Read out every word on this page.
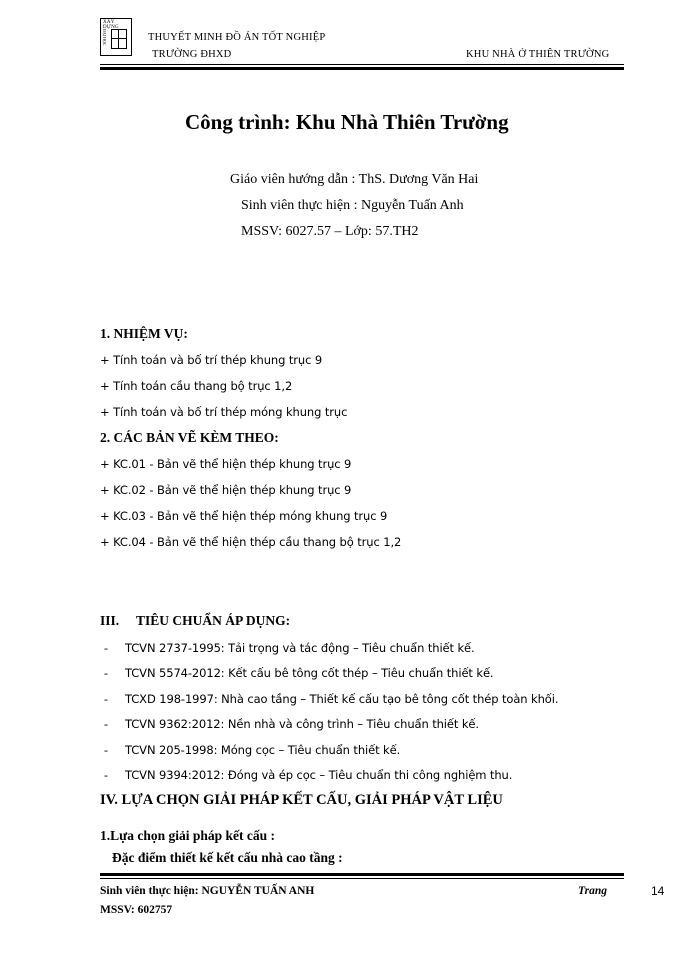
XÂY DỰNG
ĐẠI HỌC	THUYẾT MINH ĐỒ ÁN TỐT NGHIỆP
TRƯỜNG ĐHXD	KHU NHÀ Ở THIÊN TRƯỜNG
Công trình: Khu Nhà Thiên Trường
Giáo viên hướng dẫn : ThS. Dương Văn Hai
Sinh viên thực hiện : Nguyễn Tuấn Anh
MSSV: 6027.57 – Lớp: 57.TH2
1. NHIỆM VỤ:
+ Tính toán và bố trí thép khung trục 9
+ Tính toán cầu thang bộ trục 1,2
+ Tính toán và bố trí thép móng khung trục
2. CÁC BẢN VẼ KÈM THEO:
+ KC.01 - Bản vẽ thể hiện thép khung trục 9
+ KC.02 - Bản vẽ thể hiện thép khung trục 9
+ KC.03 - Bản vẽ thể hiện thép móng khung trục 9
+ KC.04 - Bản vẽ thể hiện thép cầu thang bộ trục 1,2
III. TIÊU CHUẨN ÁP DỤNG:
- TCVN 2737-1995: Tải trọng và tác động – Tiêu chuẩn thiết kế.
- TCVN 5574-2012: Kết cấu bê tông cốt thép – Tiêu chuẩn thiết kế.
- TCXD 198-1997: Nhà cao tầng – Thiết kế cấu tạo bê tông cốt thép toàn khối.
- TCVN 9362:2012: Nền nhà và công trình – Tiêu chuẩn thiết kế.
- TCVN 205-1998: Móng cọc – Tiêu chuẩn thiết kế.
- TCVN 9394:2012: Đóng và ép cọc – Tiêu chuẩn thi công nghiệm thu.
IV. LỰA CHỌN GIẢI PHÁP KẾT CẤU, GIẢI PHÁP VẬT LIỆU
1.Lựa chọn giải pháp kết cấu :
Đặc điểm thiết kế kết cấu nhà cao tầng :
Sinh viên thực hiện: NGUYỄN TUẤN ANH
MSSV: 602757
Trang	14
